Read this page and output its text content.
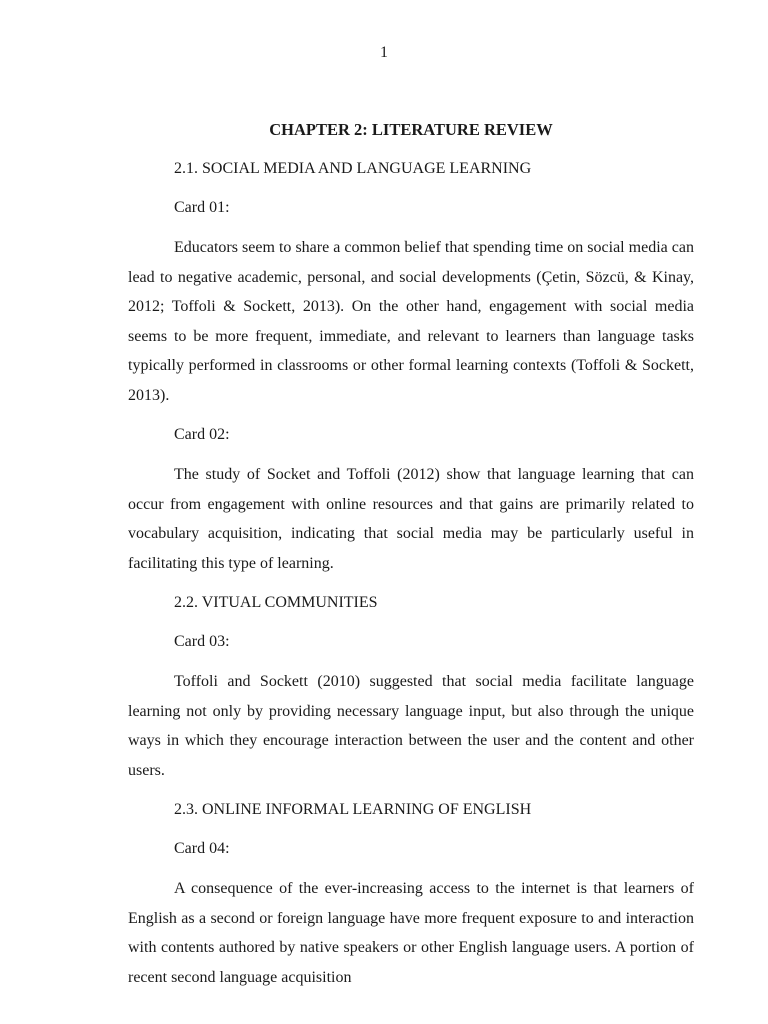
1
CHAPTER 2: LITERATURE REVIEW
2.1. SOCIAL MEDIA AND LANGUAGE LEARNING
Card 01:

Educators seem to share a common belief that spending time on social media can lead to negative academic, personal, and social developments (Çetin, Sözcü, & Kinay, 2012; Toffoli & Sockett, 2013). On the other hand, engagement with social media seems to be more frequent, immediate, and relevant to learners than language tasks typically performed in classrooms or other formal learning contexts (Toffoli & Sockett, 2013).

Card 02:

The study of Socket and Toffoli (2012) show that language learning that can occur from engagement with online resources and that gains are primarily related to vocabulary acquisition, indicating that social media may be particularly useful in facilitating this type of learning.

2.2. VITUAL COMMUNITIES
Card 03:

Toffoli and Sockett (2010) suggested that social media facilitate language learning not only by providing necessary language input, but also through the unique ways in which they encourage interaction between the user and the content and other users.

2.3. ONLINE INFORMAL LEARNING OF ENGLISH
Card 04:

A consequence of the ever-increasing access to the internet is that learners of English as a second or foreign language have more frequent exposure to and interaction with contents authored by native speakers or other English language users. A portion of recent second language acquisition
